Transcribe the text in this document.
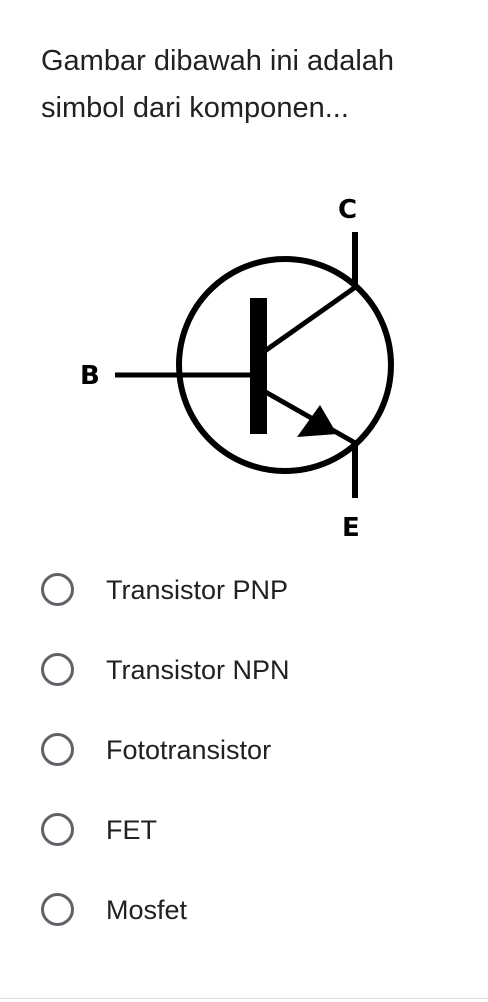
Gambar dibawah ini adalah simbol dari komponen...
C
B
E
Transistor PNP
Transistor NPN
Fototransistor
FET
Mosfet
